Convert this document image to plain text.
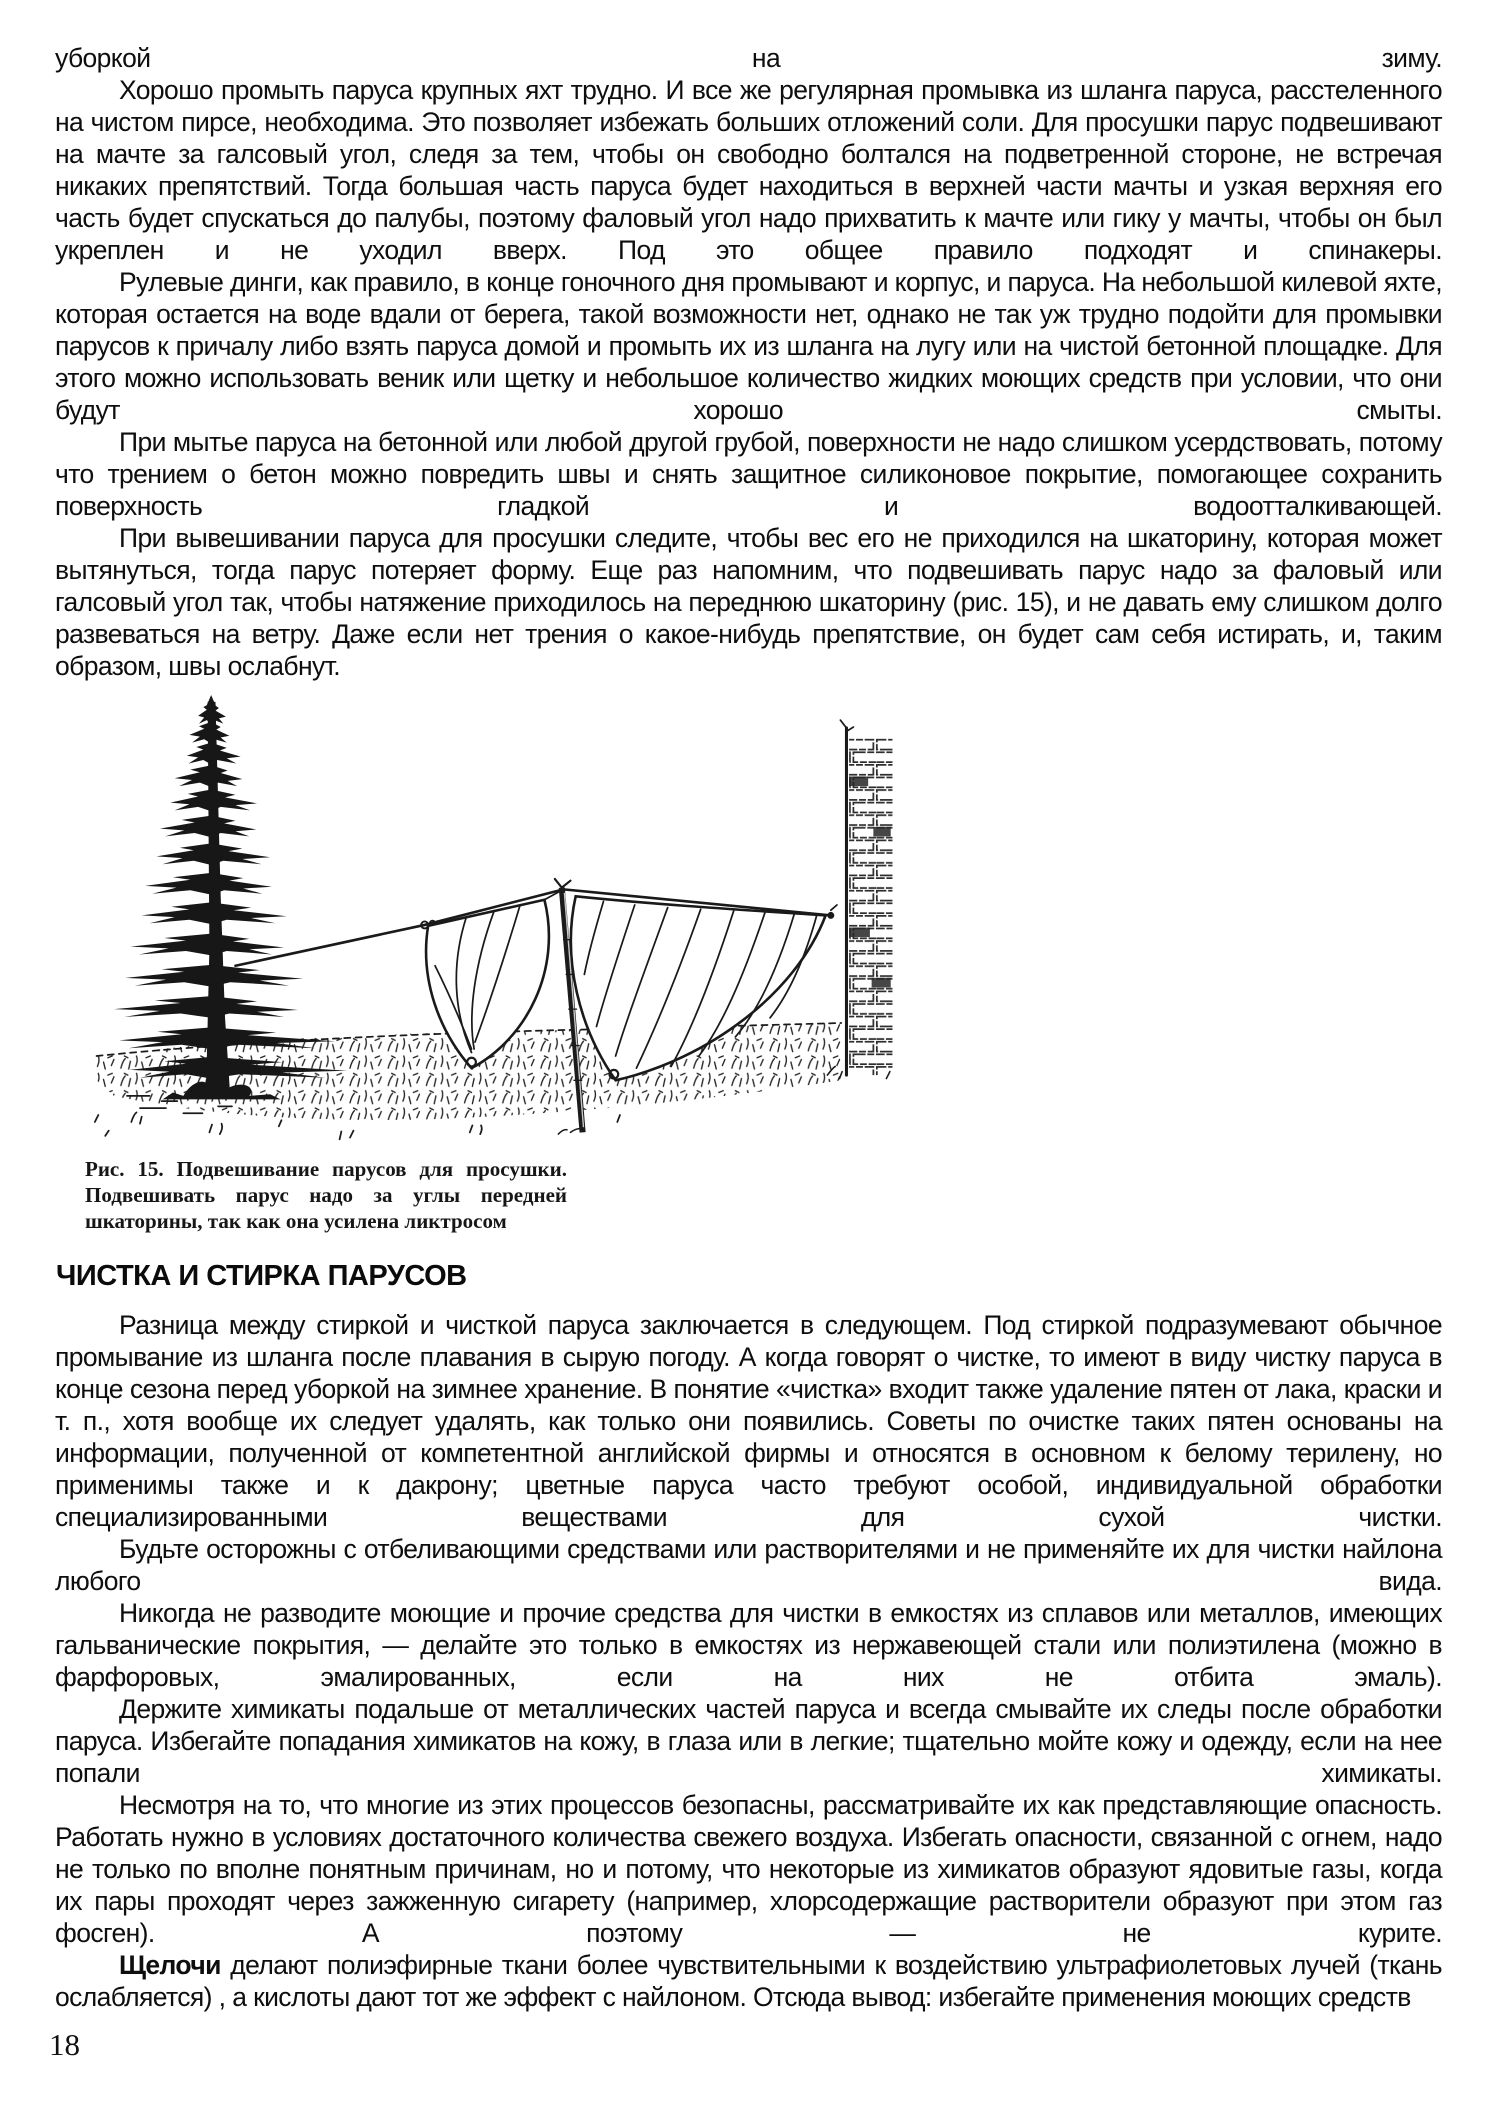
уборкой на зиму.

Хорошо промыть паруса крупных яхт трудно. И все же регулярная промывка из шланга паруса, расстеленного на чистом пирсе, необходима. Это позволяет избежать больших отложений соли. Для просушки парус подвешивают на мачте за галсовый угол, следя за тем, чтобы он свободно болтался на подветренной стороне, не встречая никаких препятствий. Тогда большая часть паруса будет находиться в верхней части мачты и узкая верхняя его часть будет спускаться до палубы, поэтому фаловый угол надо прихватить к мачте или гику у мачты, чтобы он был укреплен и не уходил вверх. Под это общее правило подходят и спинакеры.

Рулевые динги, как правило, в конце гоночного дня промывают и корпус, и паруса. На небольшой килевой яхте, которая остается на воде вдали от берега, такой возможности нет, однако не так уж трудно подойти для промывки парусов к причалу либо взять паруса домой и промыть их из шланга на лугу или на чистой бетонной площадке. Для этого можно использовать веник или щетку и небольшое количество жидких моющих средств при условии, что они будут хорошо смыты.

При мытье паруса на бетонной или любой другой грубой, поверхности не надо слишком усердствовать, потому что трением о бетон можно повредить швы и снять защитное силиконовое покрытие, помогающее сохранить поверхность гладкой и водоотталкивающей.

При вывешивании паруса для просушки следите, чтобы вес его не приходился на шкаторину, которая может вытянуться, тогда парус потеряет форму. Еще раз напомним, что подвешивать парус надо за фаловый или галсовый угол так, чтобы натяжение приходилось на переднюю шкаторину (рис. 15), и не давать ему слишком долго развеваться на ветру. Даже если нет трения о какое-нибудь препятствие, он будет сам себя истирать, и, таким образом, швы ослабнут.

Рис. 15. Подвешивание парусов для просушки. Подвешивать парус надо за углы передней шкаторины, так как она усилена ликтросом
ЧИСТКА И СТИРКА ПАРУСОВ

Разница между стиркой и чисткой паруса заключается в следующем. Под стиркой подразумевают обычное промывание из шланга после плавания в сырую погоду. А когда говорят о чистке, то имеют в виду чистку паруса в конце сезона перед уборкой на зимнее хранение. В понятие «чистка» входит также удаление пятен от лака, краски и т. п., хотя вообще их следует удалять, как только они появились. Советы по очистке таких пятен основаны на информации, полученной от компетентной английской фирмы и относятся в основном к белому терилену, но применимы также и к дакрону; цветные паруса часто требуют особой, индивидуальной обработки специализированными веществами для сухой чистки.

Будьте осторожны с отбеливающими средствами или растворителями и не применяйте их для чистки найлона любого вида.

Никогда не разводите моющие и прочие средства для чистки в емкостях из сплавов или металлов, имеющих гальванические покрытия, — делайте это только в емкостях из нержавеющей стали или полиэтилена (можно в фарфоровых, эмалированных, если на них не отбита эмаль).

Держите химикаты подальше от металлических частей паруса и всегда смывайте их следы после обработки паруса. Избегайте попадания химикатов на кожу, в глаза или в легкие; тщательно мойте кожу и одежду, если на нее попали химикаты.

Несмотря на то, что многие из этих процессов безопасны, рассматривайте их как представляющие опасность. Работать нужно в условиях достаточного количества свежего воздуха. Избегать опасности, связанной с огнем, надо не только по вполне понятным причинам, но и потому, что некоторые из химикатов образуют ядовитые газы, когда их пары проходят через зажженную сигарету (например, хлорсодержащие растворители образуют при этом газ фосген). А поэтому — не курите.

Щелочи делают полиэфирные ткани более чувствительными к воздействию ультрафиолетовых лучей (ткань ослабляется) , а кислоты дают тот же эффект с найлоном. Отсюда вывод: избегайте применения моющих средств

18
